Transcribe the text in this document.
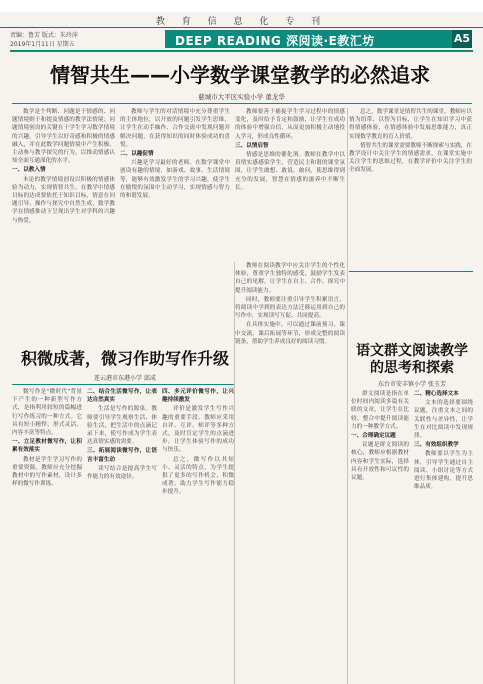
教 育 信 息 化 专 刊
责编：鲁芳 版式：朱玲萍
2019年1月11日 星期五	DEEP READING 深阅读·E教汇坊	A5
情智共生——小学数学课堂教学的必然追求
慈城市大平区实验小学 董龙华

数学是个判断、问题是于情感的、问题情境则于和提及情感的教学法情境；问题情境创设的关键在于学生学习数学情境的兴趣。引导学生以好奇感和积极的情感融入，并在此数学问题情境中产生积极、主动参与教学探究的行为，以推动情感认知全面互通深化的水平。

一、以教入情

本论的教学情境创设以积极的情感体验为动力，实现情智共生。在教学中情感目标的达成要依托于知识目标，情意在问题引导、操作与探究中自然生成，数学教学在情感推动下呈现出学生对学科的兴趣与热爱。

教师与学生的对话情境中充分尊重学生的主体地位，以开放的问题引发学生思维，让学生在动手操作、合作交流中发现问题并解决问题，在获得知识的同时体验成功的喜悦。

二、以趣促情

兴趣是学习最好的老师。在数学课堂中创设有趣的情境，如游戏、故事、生活情境等，能够有效激发学生的学习兴趣，使学生在愉悦的氛围中主动学习，实现情感与智力的和谐发展。

教师要善于捕捉学生学习过程中的情感变化，及时给予肯定和鼓励，让学生在成功的体验中增强自信，从而更加积极主动地投入学习，形成良性循环。

三、以情启智

情感是思维的催化剂。教师在教学中以真情实感感染学生，营造民主和谐的课堂氛围，让学生敢想、敢说、敢问，使思维得到充分的发展，智慧在情感的滋养中不断生长。

总之，数学课堂是情智共生的课堂。教师应以情为纽带、以智为目标，让学生在知识学习中获得情感体验，在情感体验中发展思维能力，真正实现数学教育的育人价值。

情智共生的课堂需要教师不断探索与实践，在教学设计中关注学生的情感需求，在课堂实施中关注学生的思维过程，在教学评价中关注学生的全面发展。

积微成著，微习作助写作升级
连云港市东港小学 邱成

微写作是“微时代”背景下产生的一种新型写作方式，是指利用较短的篇幅进行写作练习的一种方式。它具有短小精悍、形式灵活、内容丰富等特点。

一、立足教材微写作，让积累有效落实

教材是学生学习写作的重要资源。教师应充分挖掘教材中的写作素材，设计多样的微写作训练。

二、结合生活微写作，让表达自然真实

生活是写作的源泉。教师要引导学生观察生活、体验生活，把生活中的点滴记录下来，使写作成为学生表达真情实感的需要。

三、拓展阅读微写作，让语言丰富生动

读写结合是提高学生写作能力的有效途径。

四、多元评价微写作，让兴趣持续激发

评价是激发学生写作兴趣的重要手段。教师应采用自评、互评、师评等多种方式，及时肯定学生的点滴进步，让学生体验写作的成功与快乐。

总之，微写作以其短小、灵活的特点，为学生提供了更多的写作机会，积微成著，助力学生写作能力稳步提升。

教师在阅读教学中应关注学生的个性化体验，尊重学生独特的感受，鼓励学生发表自己的见解，让学生在自主、合作、探究中提升阅读能力。

同时，教师要注重引导学生积累语言，将阅读中学到的表达方法迁移运用到自己的写作中，实现读写互促、共同提高。

在具体实施中，可以通过课前预习、课中交流、课后拓展等环节，形成完整的阅读链条，帮助学生养成良好的阅读习惯。

语文群文阅读教学的思考和探索
东台市安丰镇小学 张玉芳

群文阅读是指在单位时间内阅读多篇有关联的文章，让学生在比较、整合中提升阅读能力的一种教学方式。

一、合理确定议题

议题是群文阅读的核心，教师应根据教材内容和学生实际，选择具有开放性和可议性的议题。

二、精心选择文本

文本的选择要围绕议题，注重文本之间的关联性与差异性，让学生在对比阅读中发现规律。

三、有效组织教学

教师要以学生为主体，引导学生通过自主阅读、小组讨论等方式进行集体建构，提升思维品质。
